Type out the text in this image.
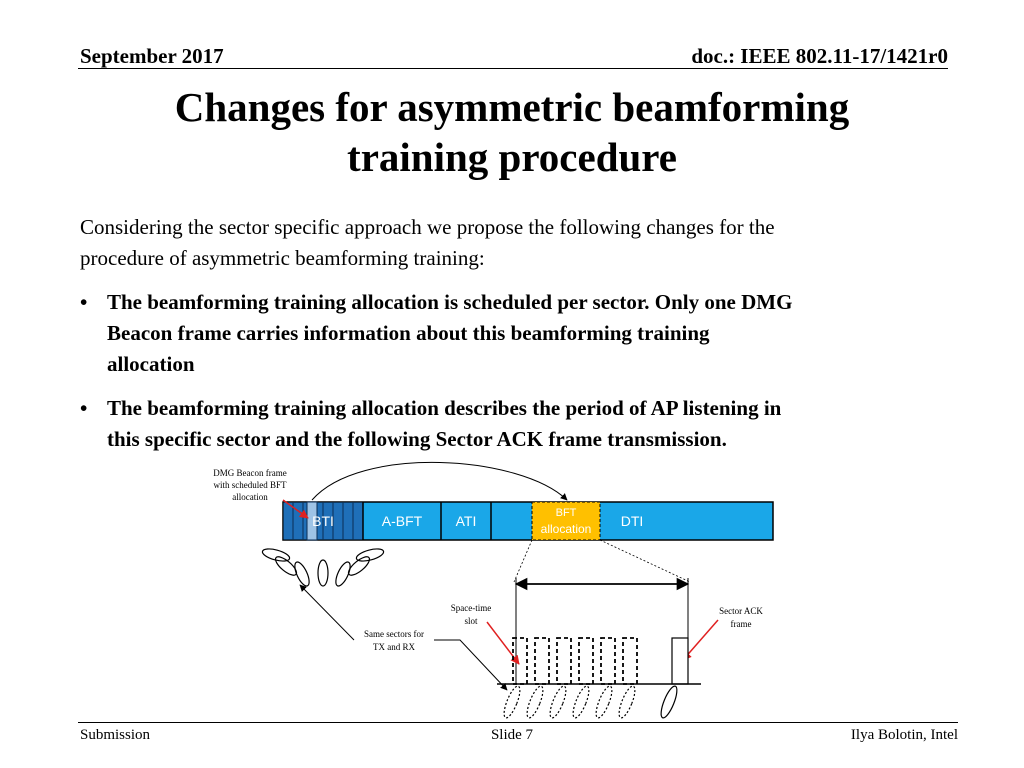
September 2017	doc.: IEEE 802.11-17/1421r0
Changes for asymmetric beamforming
training procedure
Considering the sector specific approach we propose the following changes for the
procedure of asymmetric beamforming training:
• The beamforming training allocation is scheduled per sector. Only one DMG
Beacon frame carries information about this beamforming training
allocation
• The beamforming training allocation describes the period of AP listening in
this specific sector and the following Sector ACK frame transmission.
DMG Beacon frame
with scheduled BFT
allocation
BTI	A-BFT ATI	BFT
allocation DTI
Space-time
slot
Sector ACK
frame
Same sectors for
TX and RX
Submission	Slide 7	Ilya Bolotin, Intel
